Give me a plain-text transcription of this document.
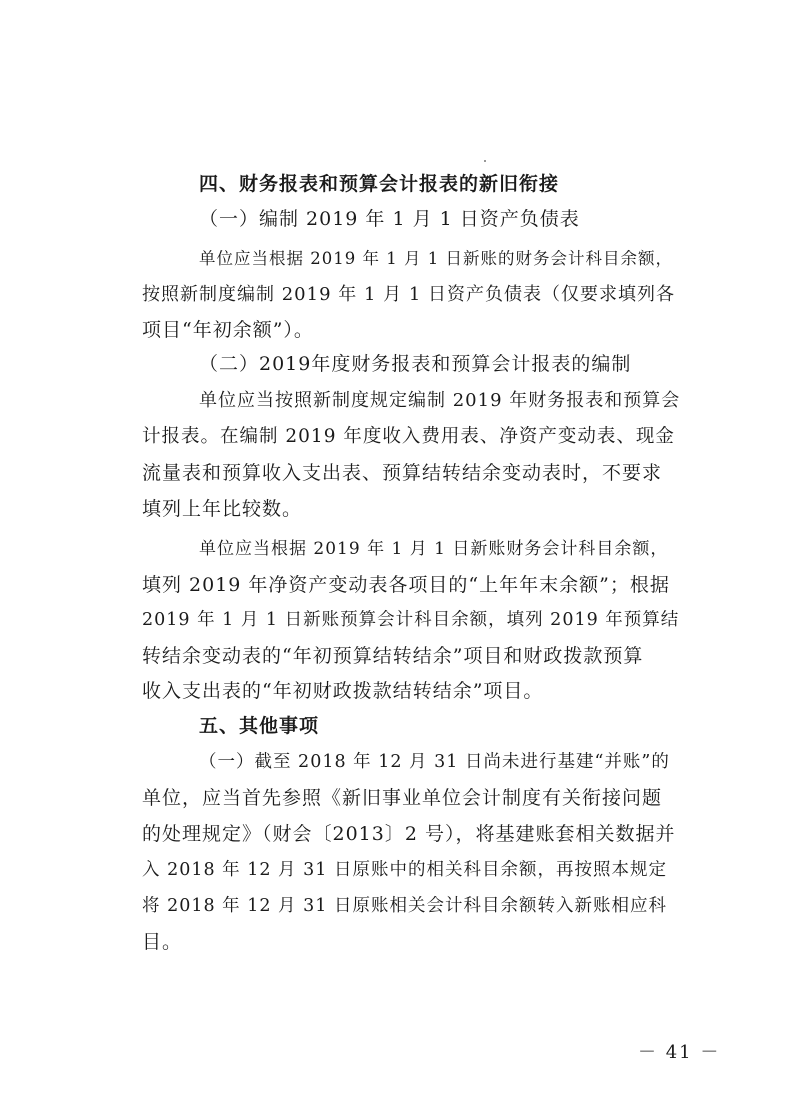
四、财务报表和预算会计报表的新旧衔接
（一）编制 2019 年 1 月 1 日资产负债表
单位应当根据 2019 年 1 月 1 日新账的财务会计科目余额，
按照新制度编制 2019 年 1 月 1 日资产负债表（仅要求填列各
项目“年初余额”）。
（二）2019年度财务报表和预算会计报表的编制
单位应当按照新制度规定编制 2019 年财务报表和预算会
计报表。在编制 2019 年度收入费用表、净资产变动表、现金
流量表和预算收入支出表、预算结转结余变动表时，不要求
填列上年比较数。
单位应当根据 2019 年 1 月 1 日新账财务会计科目余额，
填列 2019 年净资产变动表各项目的“上年年末余额”；根据
2019 年 1 月 1 日新账预算会计科目余额，填列 2019 年预算结
转结余变动表的“年初预算结转结余”项目和财政拨款预算
收入支出表的“年初财政拨款结转结余”项目。
五、其他事项
（一）截至 2018 年 12 月 31 日尚未进行基建“并账”的
单位，应当首先参照《新旧事业单位会计制度有关衔接问题
的处理规定》（财会〔2013〕2 号），将基建账套相关数据并
入 2018 年 12 月 31 日原账中的相关科目余额，再按照本规定
将 2018 年 12 月 31 日原账相关会计科目余额转入新账相应科
目。
－ 41 －
